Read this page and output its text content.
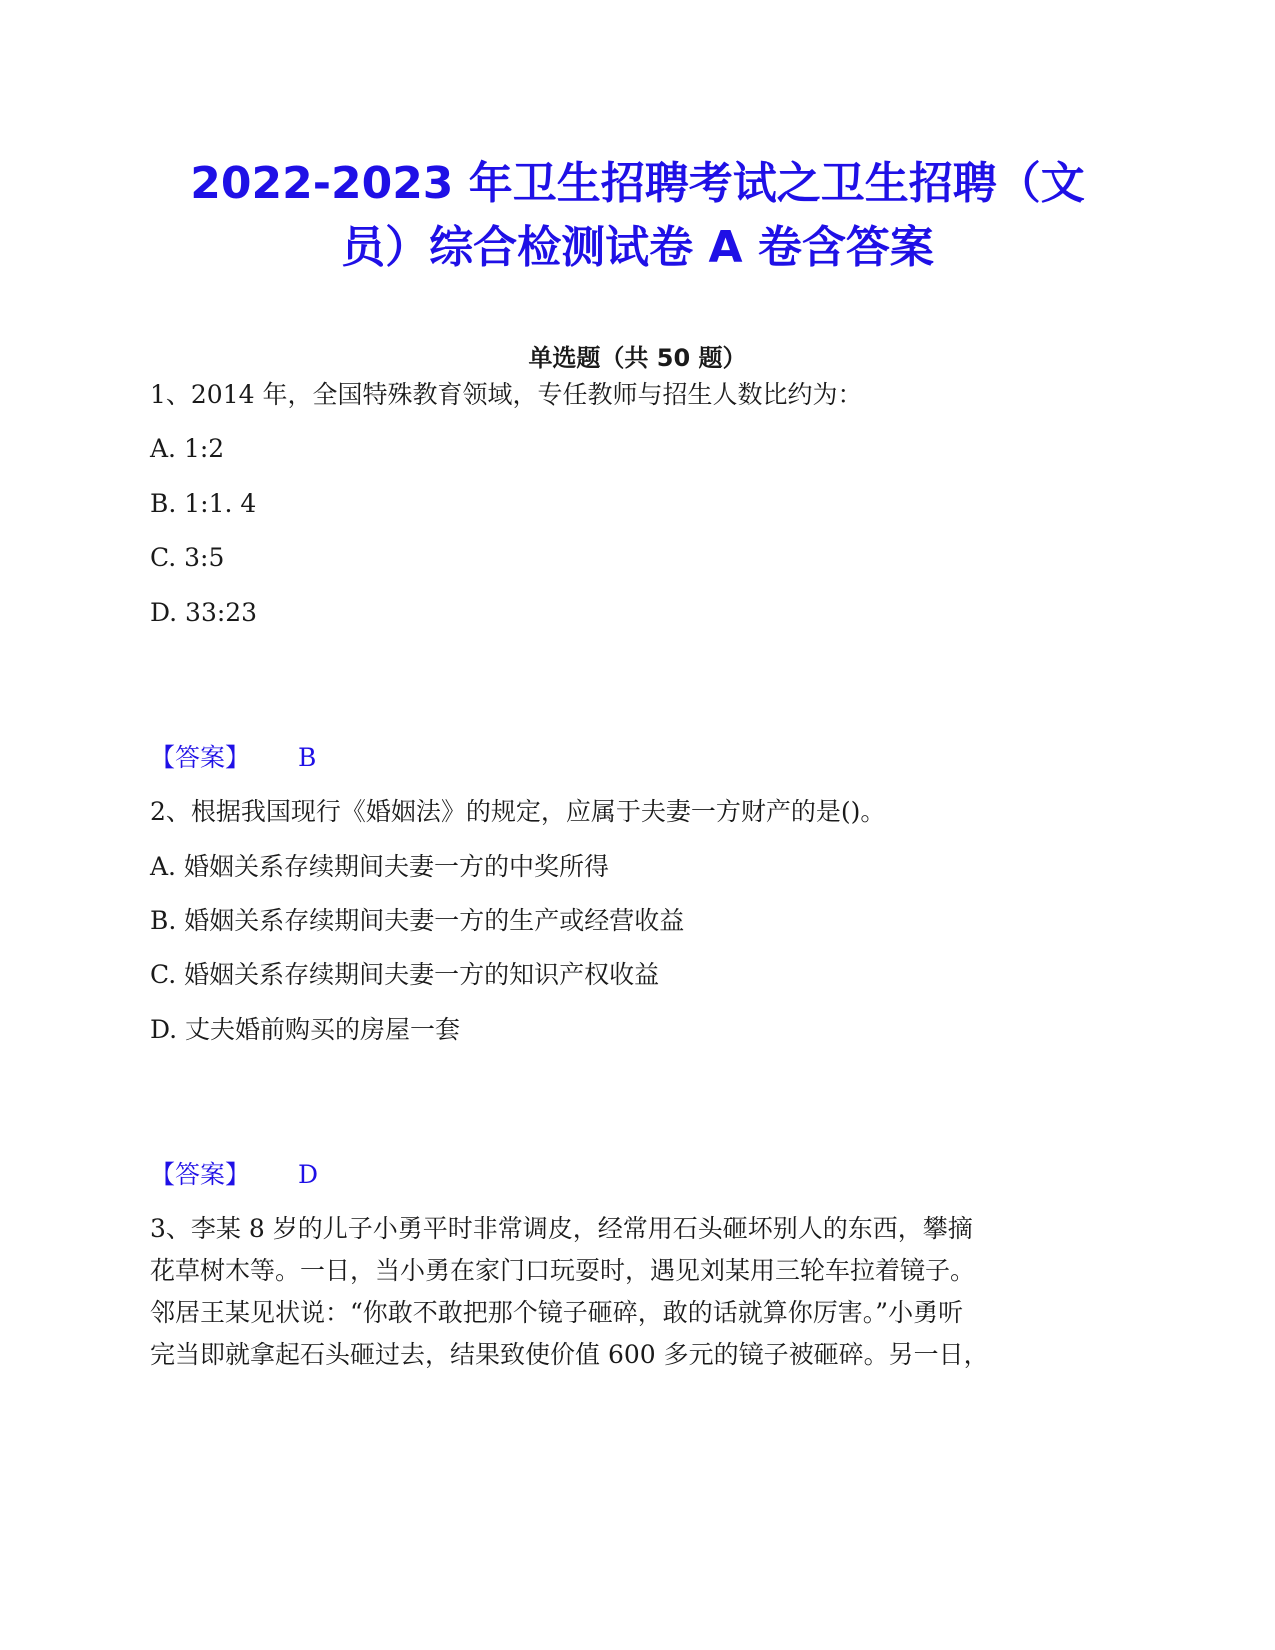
2022-2023 年卫生招聘考试之卫生招聘（文
员）综合检测试卷 A 卷含答案
单选题（共 50 题）
1、2014 年，全国特殊教育领域，专任教师与招生人数比约为：
A. 1:2
B. 1:1. 4
C. 3:5
D. 33:23
【答案】 B
2、根据我国现行《婚姻法》的规定，应属于夫妻一方财产的是()。
A. 婚姻关系存续期间夫妻一方的中奖所得
B. 婚姻关系存续期间夫妻一方的生产或经营收益
C. 婚姻关系存续期间夫妻一方的知识产权收益
D. 丈夫婚前购买的房屋一套
【答案】 D
3、李某 8 岁的儿子小勇平时非常调皮，经常用石头砸坏别人的东西，攀摘
花草树木等。一日，当小勇在家门口玩耍时，遇见刘某用三轮车拉着镜子。
邻居王某见状说：“你敢不敢把那个镜子砸碎，敢的话就算你厉害。”小勇听
完当即就拿起石头砸过去，结果致使价值 600 多元的镜子被砸碎。另一日，
